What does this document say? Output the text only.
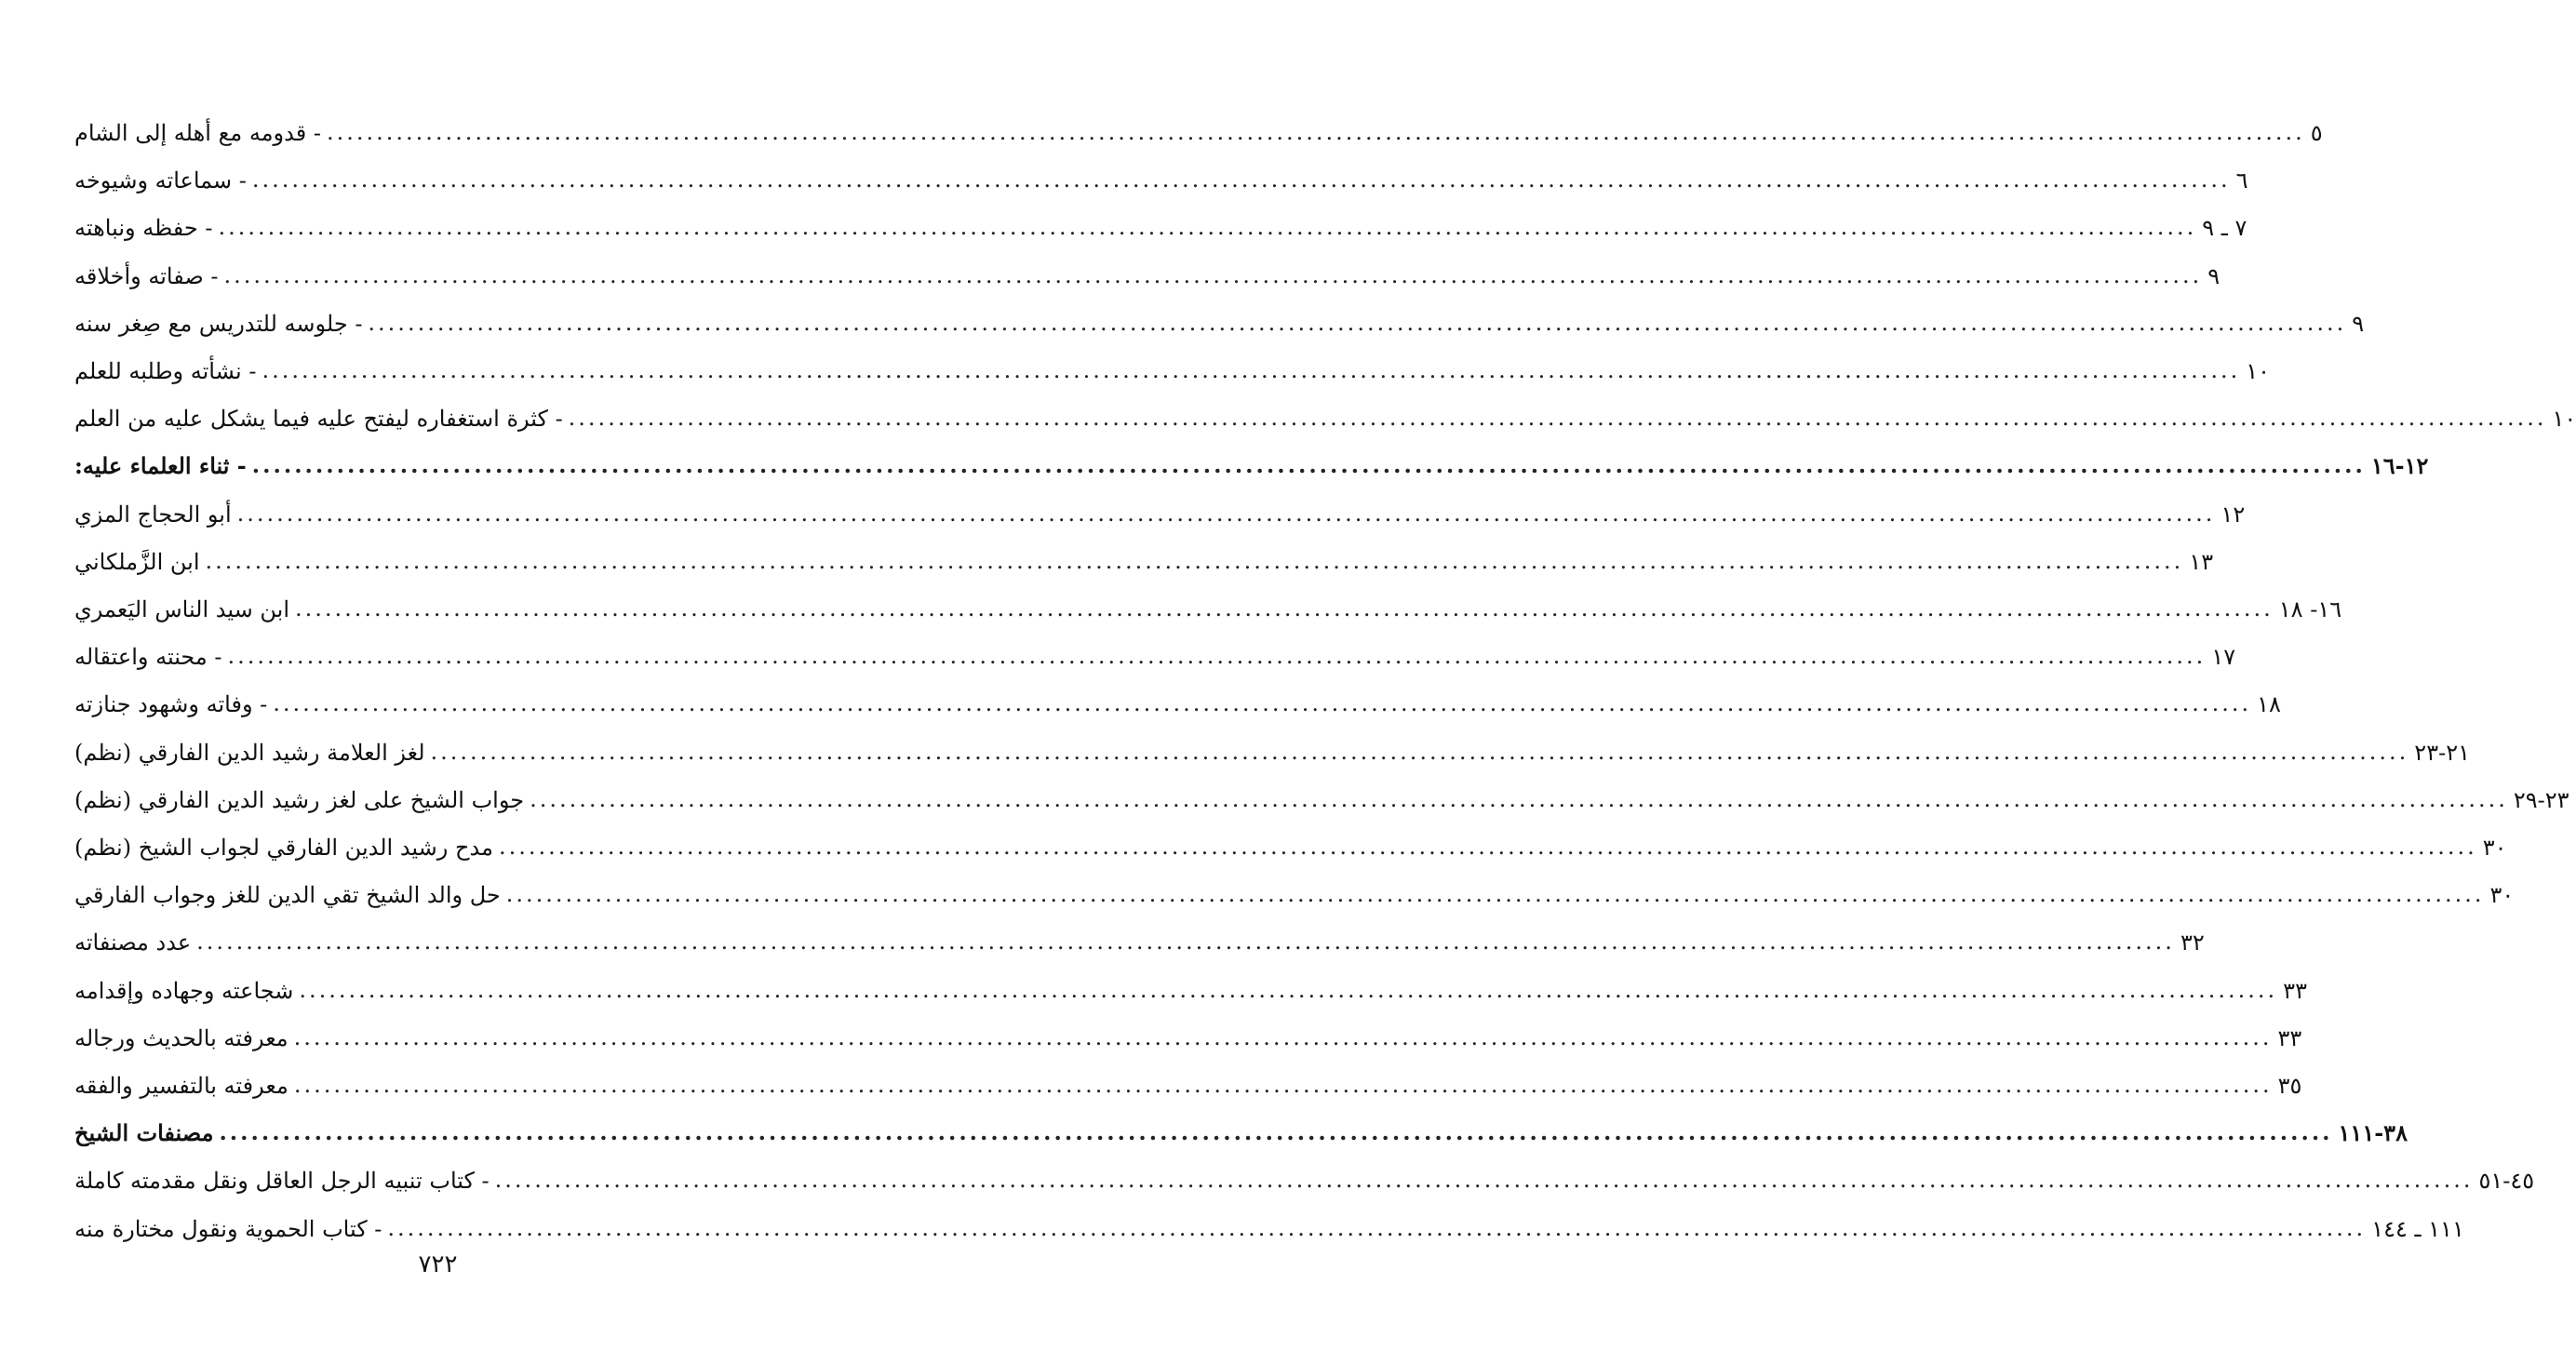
- قدومه مع أهله إلى الشام ........................................................................................................................................................................................................ ٥
- سماعاته وشيوخه ........................................................................................................................................................................................................ ٦
- حفظه ونباهته ........................................................................................................................................................................................................ ٧ ـ ٩
- صفاته وأخلاقه ........................................................................................................................................................................................................ ٩
- جلوسه للتدريس مع صِغر سنه ........................................................................................................................................................................................................ ٩
- نشأته وطلبه للعلم ........................................................................................................................................................................................................ ١٠
- كثرة استغفاره ليفتح عليه فيما يشكل عليه من العلم ........................................................................................................................................................................................................ ١٠
- ثناء العلماء عليه: ........................................................................................................................................................................................................ ١٢-١٦
أبو الحجاج المزي ........................................................................................................................................................................................................ ١٢
ابن الزَّملكاني ........................................................................................................................................................................................................ ١٣
ابن سيد الناس اليَعمري ........................................................................................................................................................................................................ ١٦- ١٨
- محنته واعتقاله ........................................................................................................................................................................................................ ١٧
- وفاته وشهود جنازته ........................................................................................................................................................................................................ ١٨
لغز العلامة رشيد الدين الفارقي (نظم) ........................................................................................................................................................................................................ ٢١-٢٣
جواب الشيخ على لغز رشيد الدين الفارقي (نظم) ........................................................................................................................................................................................................ ٢٣-٢٩
مدح رشيد الدين الفارقي لجواب الشيخ (نظم) ........................................................................................................................................................................................................ ٣٠
حل والد الشيخ تقي الدين للغز وجواب الفارقي ........................................................................................................................................................................................................ ٣٠
عدد مصنفاته ........................................................................................................................................................................................................ ٣٢
شجاعته وجهاده وإقدامه ........................................................................................................................................................................................................ ٣٣
معرفته بالحديث ورجاله ........................................................................................................................................................................................................ ٣٣
معرفته بالتفسير والفقه ........................................................................................................................................................................................................ ٣٥
مصنفات الشيخ ........................................................................................................................................................................................................ ٣٨-١١١
- كتاب تنبيه الرجل العاقل ونقل مقدمته كاملة ........................................................................................................................................................................................................ ٤٥-٥١
- كتاب الحموية ونقول مختارة منه ........................................................................................................................................................................................................ ١١١ ـ ١٤٤
٧٢٢
